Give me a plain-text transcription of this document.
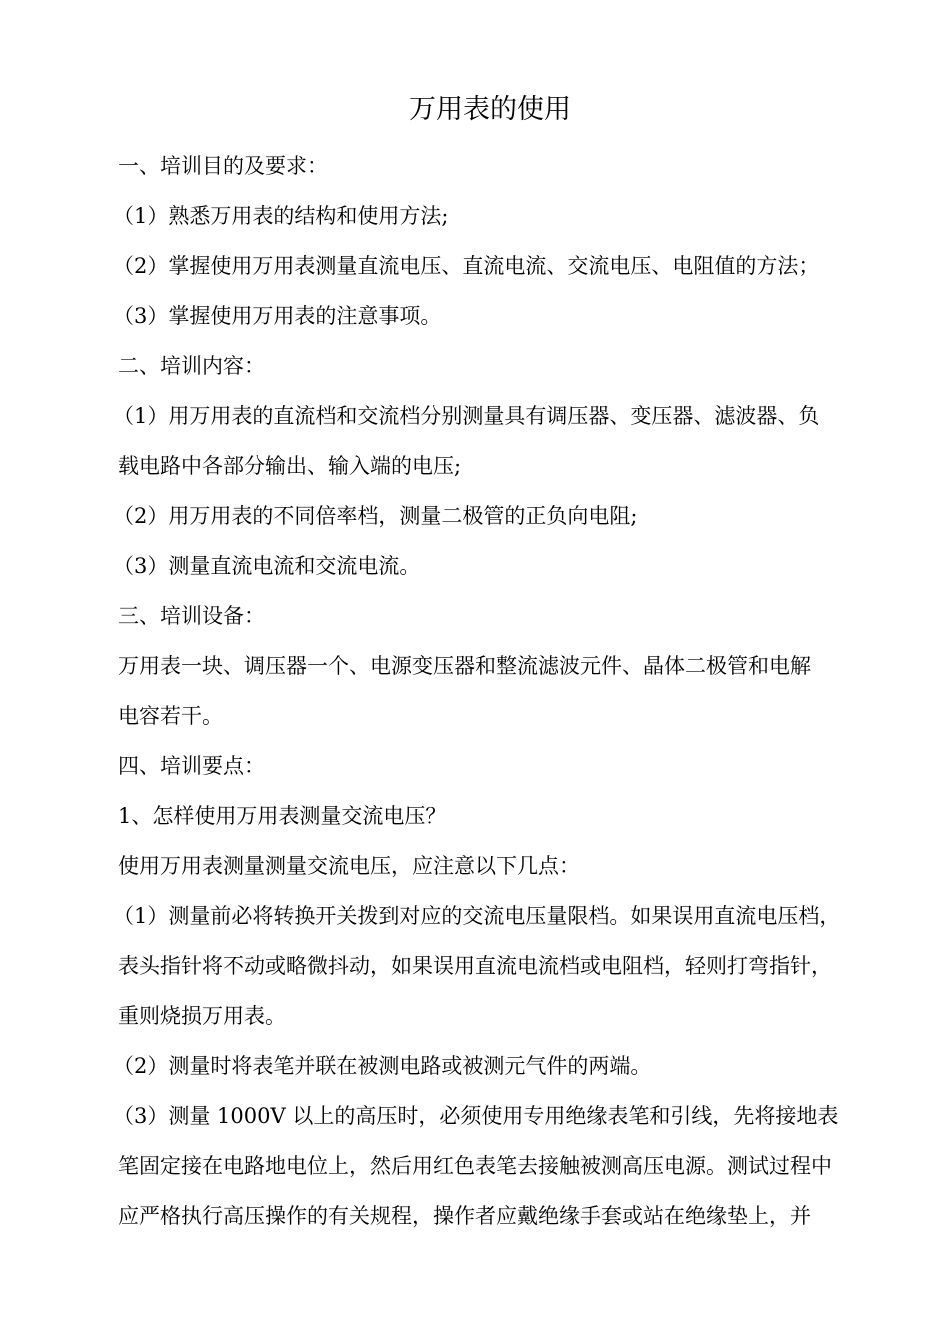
万用表的使用
一、培训目的及要求：
（1）熟悉万用表的结构和使用方法;
（2）掌握使用万用表测量直流电压、直流电流、交流电压、电阻值的方法；
（3）掌握使用万用表的注意事项。
二、培训内容：
（1）用万用表的直流档和交流档分别测量具有调压器、变压器、滤波器、负
载电路中各部分输出、输入端的电压;
（2）用万用表的不同倍率档，测量二极管的正负向电阻;
（3）测量直流电流和交流电流。
三、培训设备：
万用表一块、调压器一个、电源变压器和整流滤波元件、晶体二极管和电解
电容若干。
四、培训要点：
1、怎样使用万用表测量交流电压？
使用万用表测量测量交流电压，应注意以下几点：
（1）测量前必将转换开关拨到对应的交流电压量限档。如果误用直流电压档，
表头指针将不动或略微抖动，如果误用直流电流档或电阻档，轻则打弯指针，
重则烧损万用表。
（2）测量时将表笔并联在被测电路或被测元气件的两端。
（3）测量 1000V 以上的高压时，必须使用专用绝缘表笔和引线，先将接地表
笔固定接在电路地电位上，然后用红色表笔去接触被测高压电源。测试过程中
应严格执行高压操作的有关规程，操作者应戴绝缘手套或站在绝缘垫上，并
